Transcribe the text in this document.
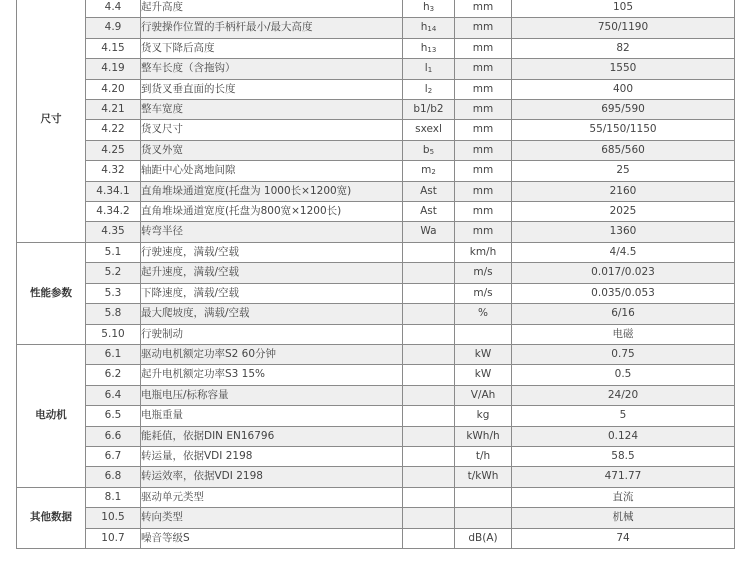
尺寸	4.4	起升高度	$h_3$	mm	105
	4.9	行驶操作位置的手柄杆最小/最大高度	$h_{14}$	mm	750/1190
	4.15	货叉下降后高度	$h_{13}$	mm	82
	4.19	整车长度（含拖钩）	$l_1$	mm	1550
	4.20	到货叉垂直面的长度	$l_2$	mm	400
	4.21	整车宽度	b1/b2	mm	695/590
	4.22	货叉尺寸	sxexl	mm	55/150/1150
	4.25	货叉外宽	$b_5$	mm	685/560
	4.32	轴距中心处离地间隙	$m_2$	mm	25
	4.34.1	直角堆垛通道宽度(托盘为 1000长×1200宽)	Ast	mm	2160
	4.34.2	直角堆垛通道宽度(托盘为800宽×1200长)	Ast	mm	2025
	4.35	转弯半径	Wa	mm	1360
性能参数	5.1	行驶速度，满载/空载		km/h	4/4.5
	5.2	起升速度，满载/空载		m/s	0.017/0.023
	5.3	下降速度，满载/空载		m/s	0.035/0.053
	5.8	最大爬坡度，满载/空载		%	6/16
	5.10	行驶制动			电磁
电动机	6.1	驱动电机额定功率S2 60分钟		kW	0.75
	6.2	起升电机额定功率S3 15%		kW	0.5
	6.4	电瓶电压/标称容量		V/Ah	24/20
	6.5	电瓶重量		kg	5
	6.6	能耗值，依据DIN EN16796		kWh/h	0.124
	6.7	转运量，依据VDI 2198		t/h	58.5
	6.8	转运效率，依据VDI 2198		t/kWh	471.77
其他数据	8.1	驱动单元类型			直流
	10.5	转向类型			机械
	10.7	噪音等级S		dB(A)	74
